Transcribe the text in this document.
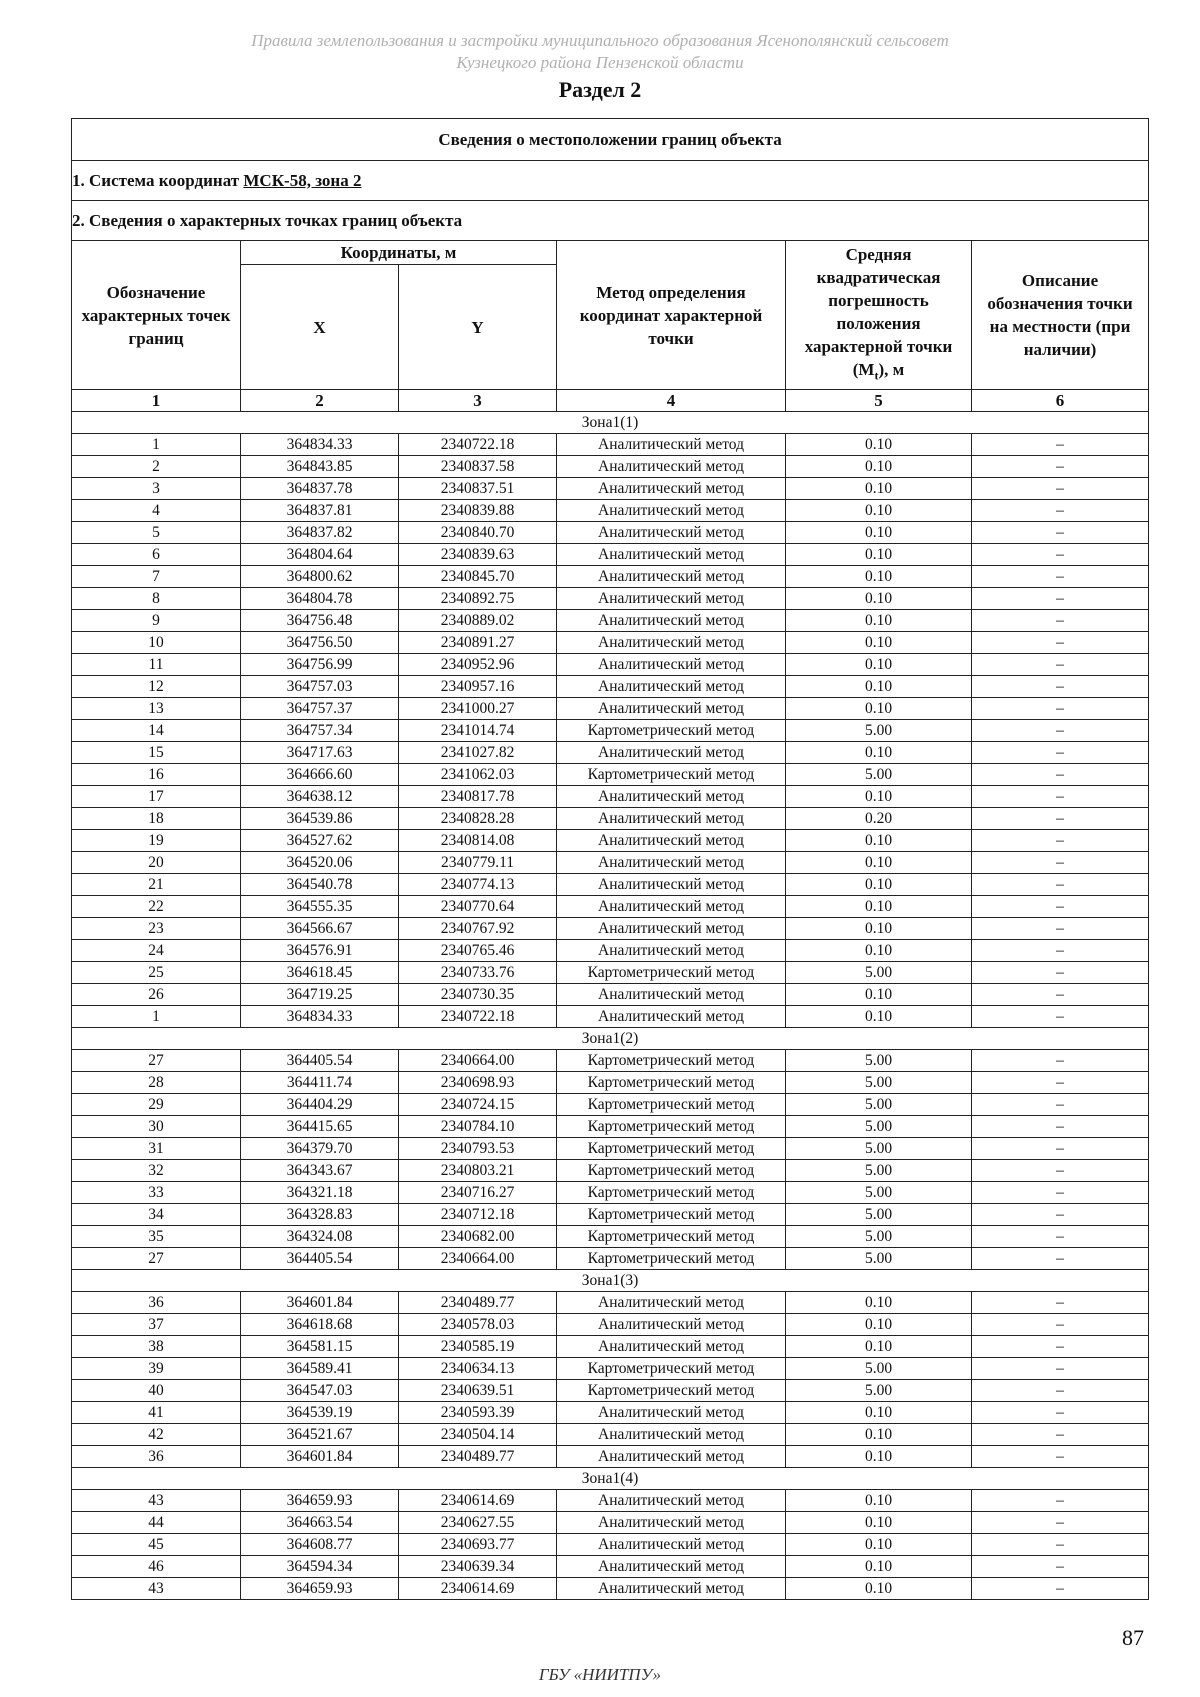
Правила землепользования и застройки муниципального образования Ясенополянский сельсовет
Кузнецкого района Пензенской области
Раздел 2
Сведения о местоположении границ объекта					
1. Система координат МСК-58, зона 2					
2. Сведения о характерных точках границ объекта					
Обозначение характерных точек границ	Координаты, м		Метод определения координат характерной точки	Средняя квадратическая погрешность положения характерной точки $(M_t)$, м	Описание обозначения точки на местности (при наличии)
	X	Y			
1	2	3	4	5	6
Зона1(1)					
1	364834.33	2340722.18	Аналитический метод	0.10	–
2	364843.85	2340837.58	Аналитический метод	0.10	–
3	364837.78	2340837.51	Аналитический метод	0.10	–
4	364837.81	2340839.88	Аналитический метод	0.10	–
5	364837.82	2340840.70	Аналитический метод	0.10	–
6	364804.64	2340839.63	Аналитический метод	0.10	–
7	364800.62	2340845.70	Аналитический метод	0.10	–
8	364804.78	2340892.75	Аналитический метод	0.10	–
9	364756.48	2340889.02	Аналитический метод	0.10	–
10	364756.50	2340891.27	Аналитический метод	0.10	–
11	364756.99	2340952.96	Аналитический метод	0.10	–
12	364757.03	2340957.16	Аналитический метод	0.10	–
13	364757.37	2341000.27	Аналитический метод	0.10	–
14	364757.34	2341014.74	Картометрический метод	5.00	–
15	364717.63	2341027.82	Аналитический метод	0.10	–
16	364666.60	2341062.03	Картометрический метод	5.00	–
17	364638.12	2340817.78	Аналитический метод	0.10	–
18	364539.86	2340828.28	Аналитический метод	0.20	–
19	364527.62	2340814.08	Аналитический метод	0.10	–
20	364520.06	2340779.11	Аналитический метод	0.10	–
21	364540.78	2340774.13	Аналитический метод	0.10	–
22	364555.35	2340770.64	Аналитический метод	0.10	–
23	364566.67	2340767.92	Аналитический метод	0.10	–
24	364576.91	2340765.46	Аналитический метод	0.10	–
25	364618.45	2340733.76	Картометрический метод	5.00	–
26	364719.25	2340730.35	Аналитический метод	0.10	–
1	364834.33	2340722.18	Аналитический метод	0.10	–
Зона1(2)					
27	364405.54	2340664.00	Картометрический метод	5.00	–
28	364411.74	2340698.93	Картометрический метод	5.00	–
29	364404.29	2340724.15	Картометрический метод	5.00	–
30	364415.65	2340784.10	Картометрический метод	5.00	–
31	364379.70	2340793.53	Картометрический метод	5.00	–
32	364343.67	2340803.21	Картометрический метод	5.00	–
33	364321.18	2340716.27	Картометрический метод	5.00	–
34	364328.83	2340712.18	Картометрический метод	5.00	–
35	364324.08	2340682.00	Картометрический метод	5.00	–
27	364405.54	2340664.00	Картометрический метод	5.00	–
Зона1(3)					
36	364601.84	2340489.77	Аналитический метод	0.10	–
37	364618.68	2340578.03	Аналитический метод	0.10	–
38	364581.15	2340585.19	Аналитический метод	0.10	–
39	364589.41	2340634.13	Картометрический метод	5.00	–
40	364547.03	2340639.51	Картометрический метод	5.00	–
41	364539.19	2340593.39	Аналитический метод	0.10	–
42	364521.67	2340504.14	Аналитический метод	0.10	–
36	364601.84	2340489.77	Аналитический метод	0.10	–
Зона1(4)					
43	364659.93	2340614.69	Аналитический метод	0.10	–
44	364663.54	2340627.55	Аналитический метод	0.10	–
45	364608.77	2340693.77	Аналитический метод	0.10	–
46	364594.34	2340639.34	Аналитический метод	0.10	–
43	364659.93	2340614.69	Аналитический метод	0.10	–
87
ГБУ «НИИТПУ»
